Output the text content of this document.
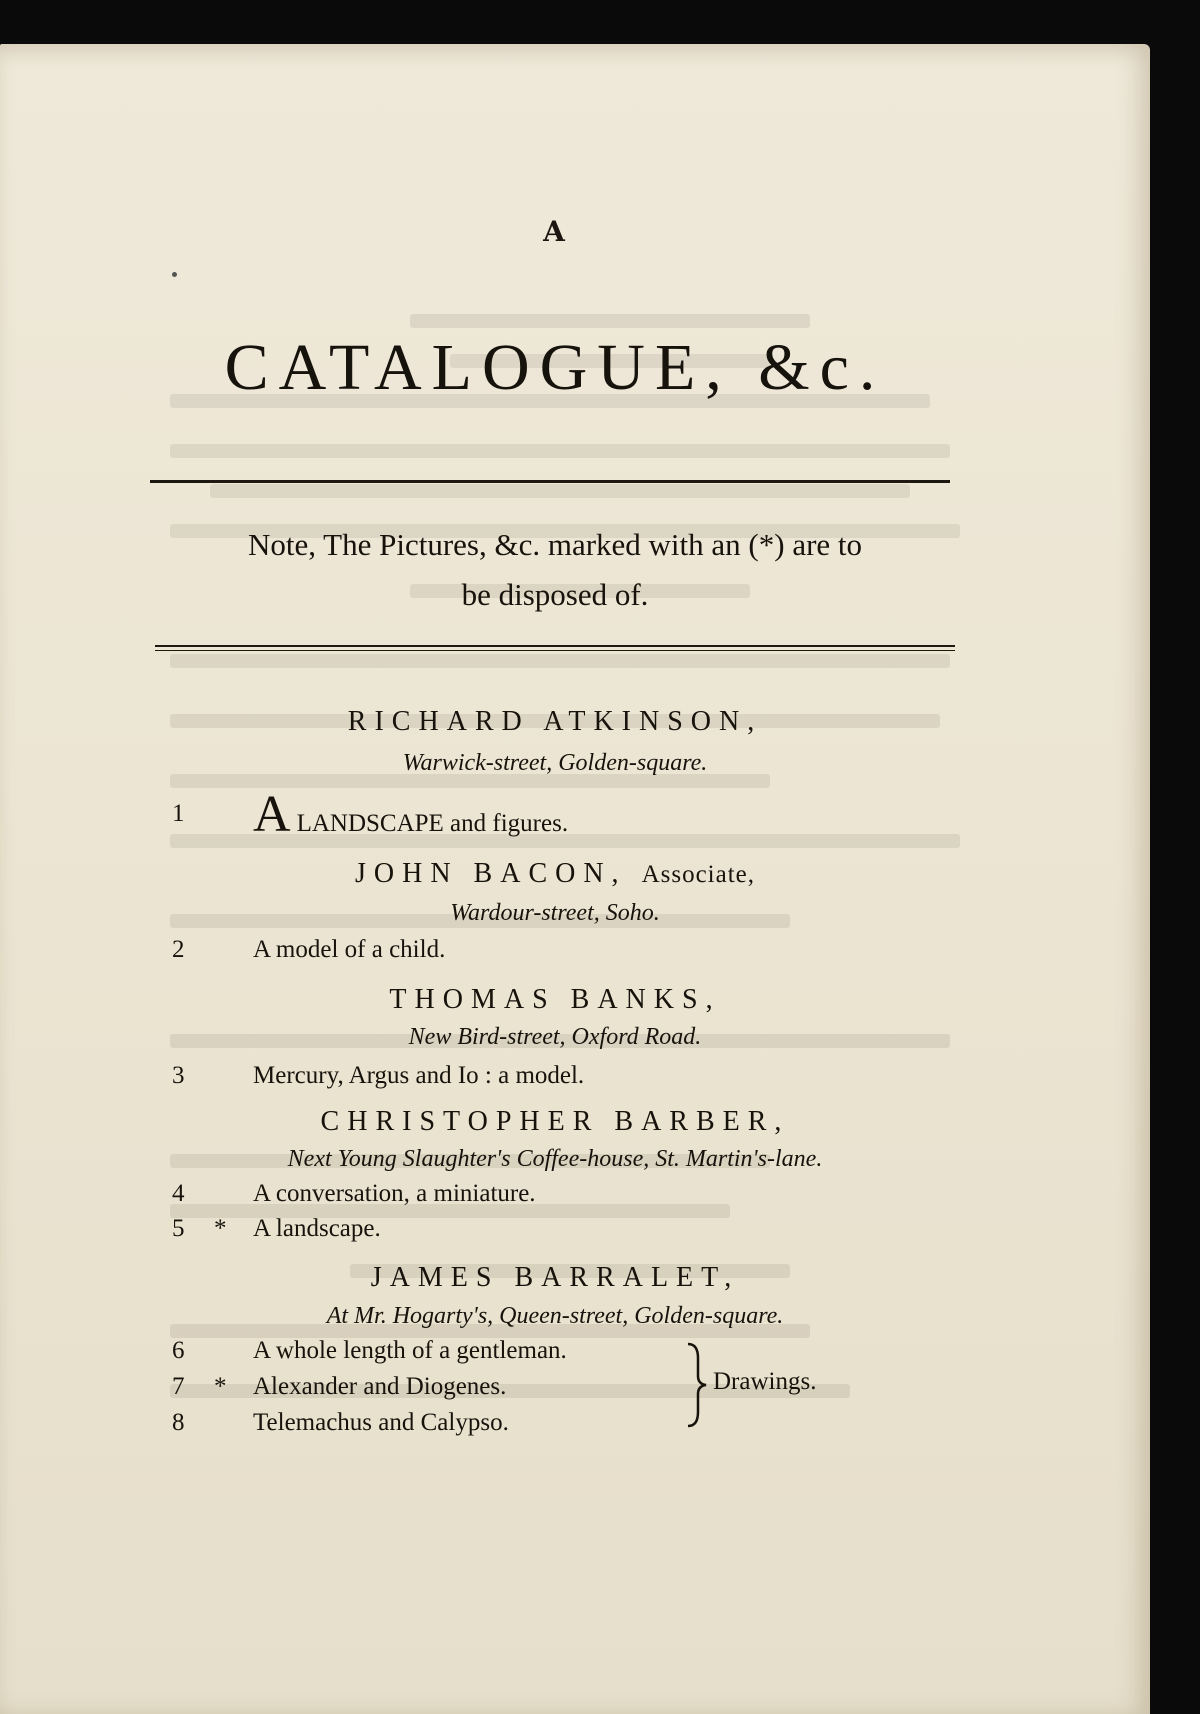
A
CATALOGUE, &c.
Note, The Pictures, &c. marked with an (*) are to
be disposed of.
RICHARD ATKINSON,
Warwick-street, Golden-square.
1	ALANDSCAPE and figures.
JOHN BACON, Associate,
Wardour-street, Soho.
2	A model of a child.
THOMAS BANKS,
New Bird-street, Oxford Road.
3	Mercury, Argus and Io : a model.
CHRISTOPHER BARBER,
Next Young Slaughter's Coffee-house, St. Martin's-lane.
4	A conversation, a miniature.
5	* A landscape.
JAMES BARRALET,
At Mr. Hogarty's, Queen-street, Golden-square.
6	A whole length of a gentleman.
7	* Alexander and Diogenes.
8	Telemachus and Calypso.
Drawings.
